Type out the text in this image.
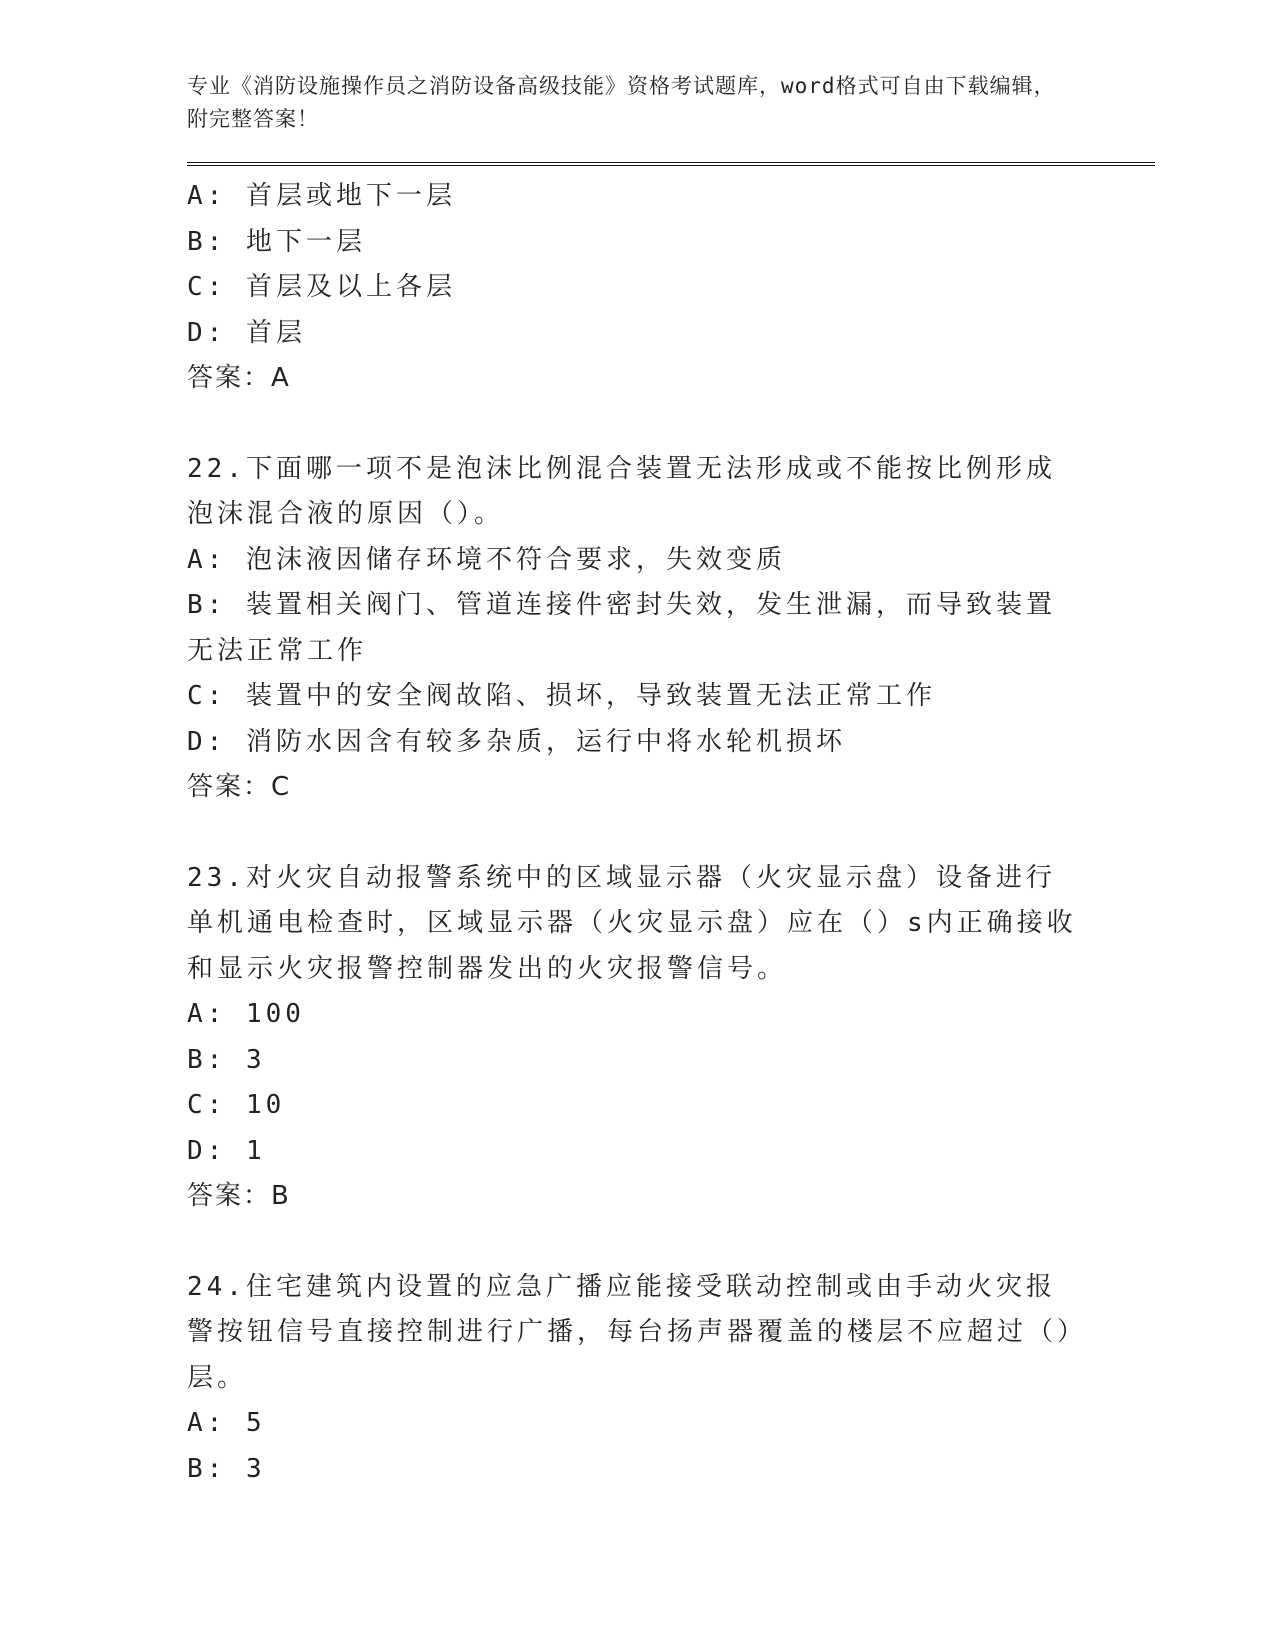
专业《消防设施操作员之消防设备高级技能》资格考试题库，word格式可自由下载编辑，附完整答案！
A: 首层或地下一层
B: 地下一层
C: 首层及以上各层
D: 首层
答案：A
22.下面哪一项不是泡沫比例混合装置无法形成或不能按比例形成泡沫混合液的原因（）。
A: 泡沫液因储存环境不符合要求，失效变质
B: 装置相关阀门、管道连接件密封失效，发生泄漏，而导致装置无法正常工作
C: 装置中的安全阀故陷、损坏，导致装置无法正常工作
D: 消防水因含有较多杂质，运行中将水轮机损坏
答案：C
23.对火灾自动报警系统中的区域显示器（火灾显示盘）设备进行单机通电检查时，区域显示器（火灾显示盘）应在（）s内正确接收和显示火灾报警控制器发出的火灾报警信号。
A: 100
B: 3
C: 10
D: 1
答案：B
24.住宅建筑内设置的应急广播应能接受联动控制或由手动火灾报警按钮信号直接控制进行广播，每台扬声器覆盖的楼层不应超过（）层。
A: 5
B: 3
